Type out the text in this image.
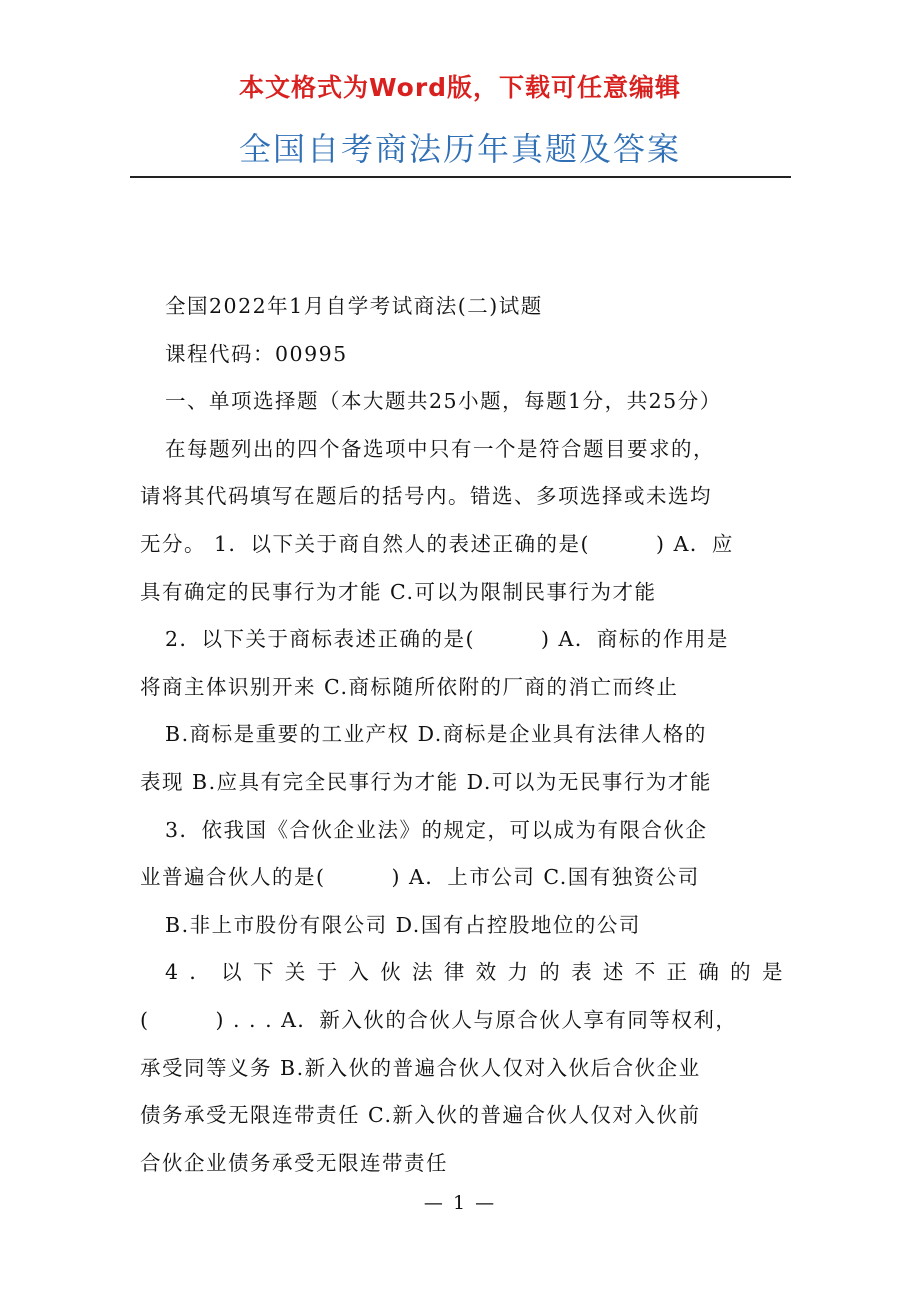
本文格式为Word版，下载可任意编辑
全国自考商法历年真题及答案

全国2022年1月自学考试商法(二)试题

课程代码：00995

一、单项选择题（本大题共25小题，每题1分，共25分）

在每题列出的四个备选项中只有一个是符合题目要求的，

请将其代码填写在题后的括号内。错选、多项选择或未选均

无分。 1．以下关于商自然人的表述正确的是(　　　) A．应

具有确定的民事行为才能 C.可以为限制民事行为才能

2．以下关于商标表述正确的是(　　　) A．商标的作用是

将商主体识别开来 C.商标随所依附的厂商的消亡而终止

B.商标是重要的工业产权 D.商标是企业具有法律人格的

表现 B.应具有完全民事行为才能 D.可以为无民事行为才能

3．依我国《合伙企业法》的规定，可以成为有限合伙企

业普遍合伙人的是(　　　) A．上市公司 C.国有独资公司

B.非上市股份有限公司 D.国有占控股地位的公司

4．以下关于入伙法律效力的表述不正确的是

(　　　) . . . A．新入伙的合伙人与原合伙人享有同等权利，

承受同等义务 B.新入伙的普遍合伙人仅对入伙后合伙企业

债务承受无限连带责任 C.新入伙的普遍合伙人仅对入伙前

合伙企业债务承受无限连带责任

— 1 —
